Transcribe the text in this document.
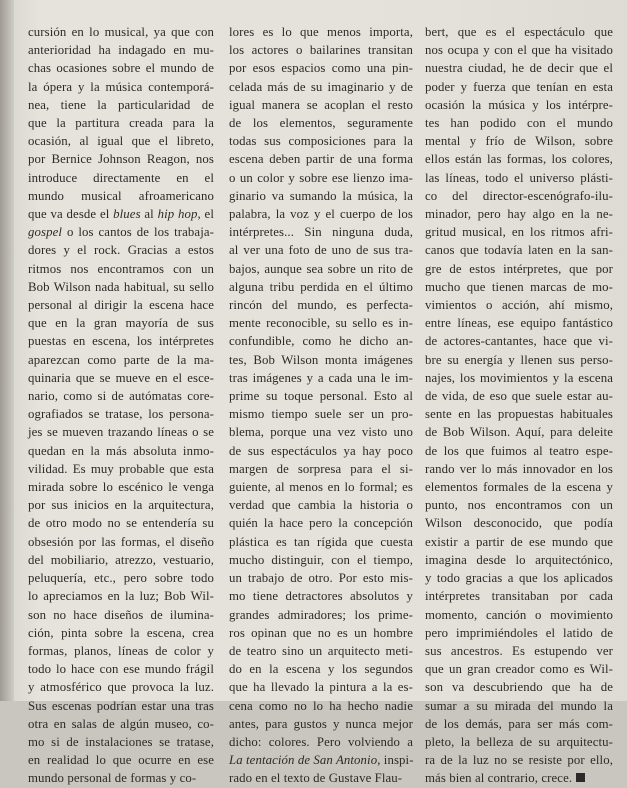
cursión en lo musical, ya que con
anterioridad ha indagado en mu-
chas ocasiones sobre el mundo de
la ópera y la música contemporá-
nea, tiene la particularidad de
que la partitura creada para la
ocasión, al igual que el libreto,
por Bernice Johnson Reagon, nos
introduce directamente en el
mundo musical afroamericano
que va desde el blues al hip hop, el
gospel o los cantos de los trabaja-
dores y el rock. Gracias a estos
ritmos nos encontramos con un
Bob Wilson nada habitual, su sello
personal al dirigir la escena hace
que en la gran mayoría de sus
puestas en escena, los intérpretes
aparezcan como parte de la ma-
quinaria que se mueve en el esce-
nario, como si de autómatas core-
ografiados se tratase, los persona-
jes se mueven trazando líneas o se
quedan en la más absoluta inmo-
vilidad. Es muy probable que esta
mirada sobre lo escénico le venga
por sus inicios en la arquitectura,
de otro modo no se entendería su
obsesión por las formas, el diseño
del mobiliario, atrezzo, vestuario,
peluquería, etc., pero sobre todo
lo apreciamos en la luz; Bob Wil-
son no hace diseños de ilumina-
ción, pinta sobre la escena, crea
formas, planos, líneas de color y
todo lo hace con ese mundo frágil
y atmosférico que provoca la luz.
Sus escenas podrían estar una tras
otra en salas de algún museo, co-
mo si de instalaciones se tratase,
en realidad lo que ocurre en ese
mundo personal de formas y co-
lores es lo que menos importa,
los actores o bailarines transitan
por esos espacios como una pin-
celada más de su imaginario y de
igual manera se acoplan el resto
de los elementos, seguramente
todas sus composiciones para la
escena deben partir de una forma
o un color y sobre ese lienzo ima-
ginario va sumando la música, la
palabra, la voz y el cuerpo de los
intérpretes... Sin ninguna duda,
al ver una foto de uno de sus tra-
bajos, aunque sea sobre un rito de
alguna tribu perdida en el último
rincón del mundo, es perfecta-
mente reconocible, su sello es in-
confundible, como he dicho an-
tes, Bob Wilson monta imágenes
tras imágenes y a cada una le im-
prime su toque personal. Esto al
mismo tiempo suele ser un pro-
blema, porque una vez visto uno
de sus espectáculos ya hay poco
margen de sorpresa para el si-
guiente, al menos en lo formal; es
verdad que cambia la historia o
quién la hace pero la concepción
plástica es tan rígida que cuesta
mucho distinguir, con el tiempo,
un trabajo de otro. Por esto mis-
mo tiene detractores absolutos y
grandes admiradores; los prime-
ros opinan que no es un hombre
de teatro sino un arquitecto meti-
do en la escena y los segundos
que ha llevado la pintura a la es-
cena como no lo ha hecho nadie
antes, para gustos y nunca mejor
dicho: colores. Pero volviendo a
La tentación de San Antonio, inspi-
rado en el texto de Gustave Flau-
bert, que es el espectáculo que
nos ocupa y con el que ha visitado
nuestra ciudad, he de decir que el
poder y fuerza que tenían en esta
ocasión la música y los intérpre-
tes han podido con el mundo
mental y frío de Wilson, sobre
ellos están las formas, los colores,
las líneas, todo el universo plásti-
co del director-escenógrafo-ilu-
minador, pero hay algo en la ne-
gritud musical, en los ritmos afri-
canos que todavía laten en la san-
gre de estos intérpretes, que por
mucho que tienen marcas de mo-
vimientos o acción, ahí mismo,
entre líneas, ese equipo fantástico
de actores-cantantes, hace que vi-
bre su energía y llenen sus perso-
najes, los movimientos y la escena
de vida, de eso que suele estar au-
sente en las propuestas habituales
de Bob Wilson. Aquí, para deleite
de los que fuimos al teatro espe-
rando ver lo más innovador en los
elementos formales de la escena y
punto, nos encontramos con un
Wilson desconocido, que podía
existir a partir de ese mundo que
imagina desde lo arquitectónico,
y todo gracias a que los aplicados
intérpretes transitaban por cada
momento, canción o movimiento
pero imprimiéndoles el latido de
sus ancestros. Es estupendo ver
que un gran creador como es Wil-
son va descubriendo que ha de
sumar a su mirada del mundo la
de los demás, para ser más com-
pleto, la belleza de su arquitectu-
ra de la luz no se resiste por ello,
más bien al contrario, crece.
